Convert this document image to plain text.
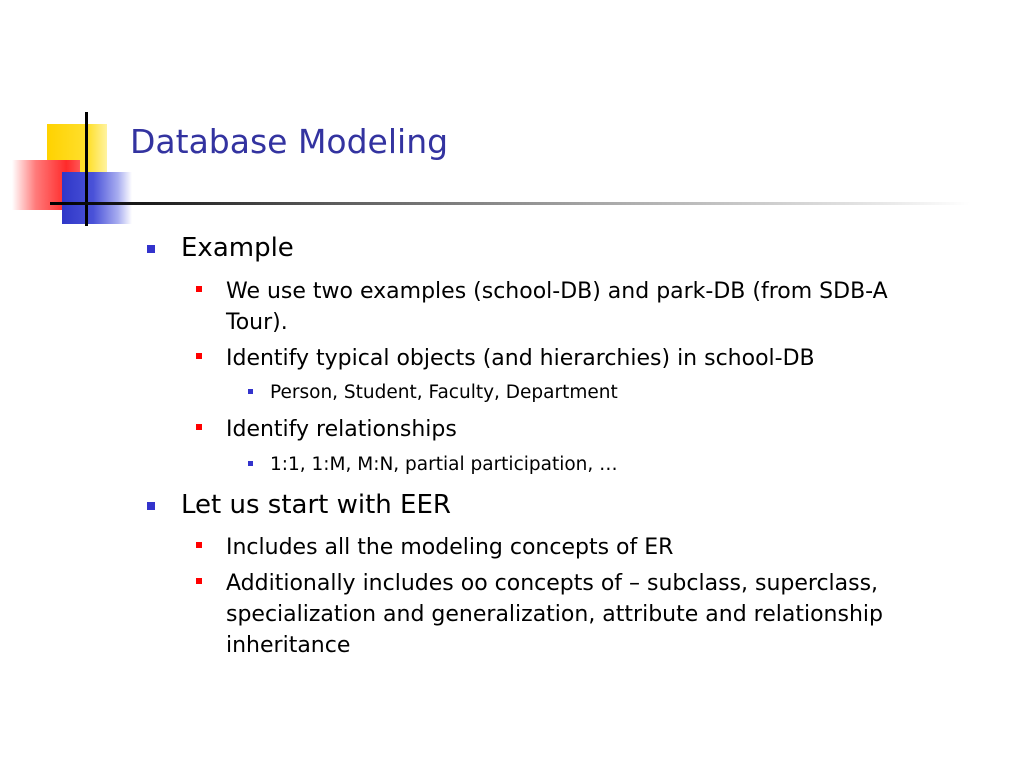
Database Modeling
Example
We use two examples (school-DB) and park-DB (from SDB-A Tour).
Identify typical objects (and hierarchies) in school-DB
Person, Student, Faculty, Department
Identify relationships
1:1, 1:M, M:N, partial participation, …
Let us start with EER
Includes all the modeling concepts of ER
Additionally includes oo concepts of – subclass, superclass, specialization and generalization, attribute and relationship inheritance
